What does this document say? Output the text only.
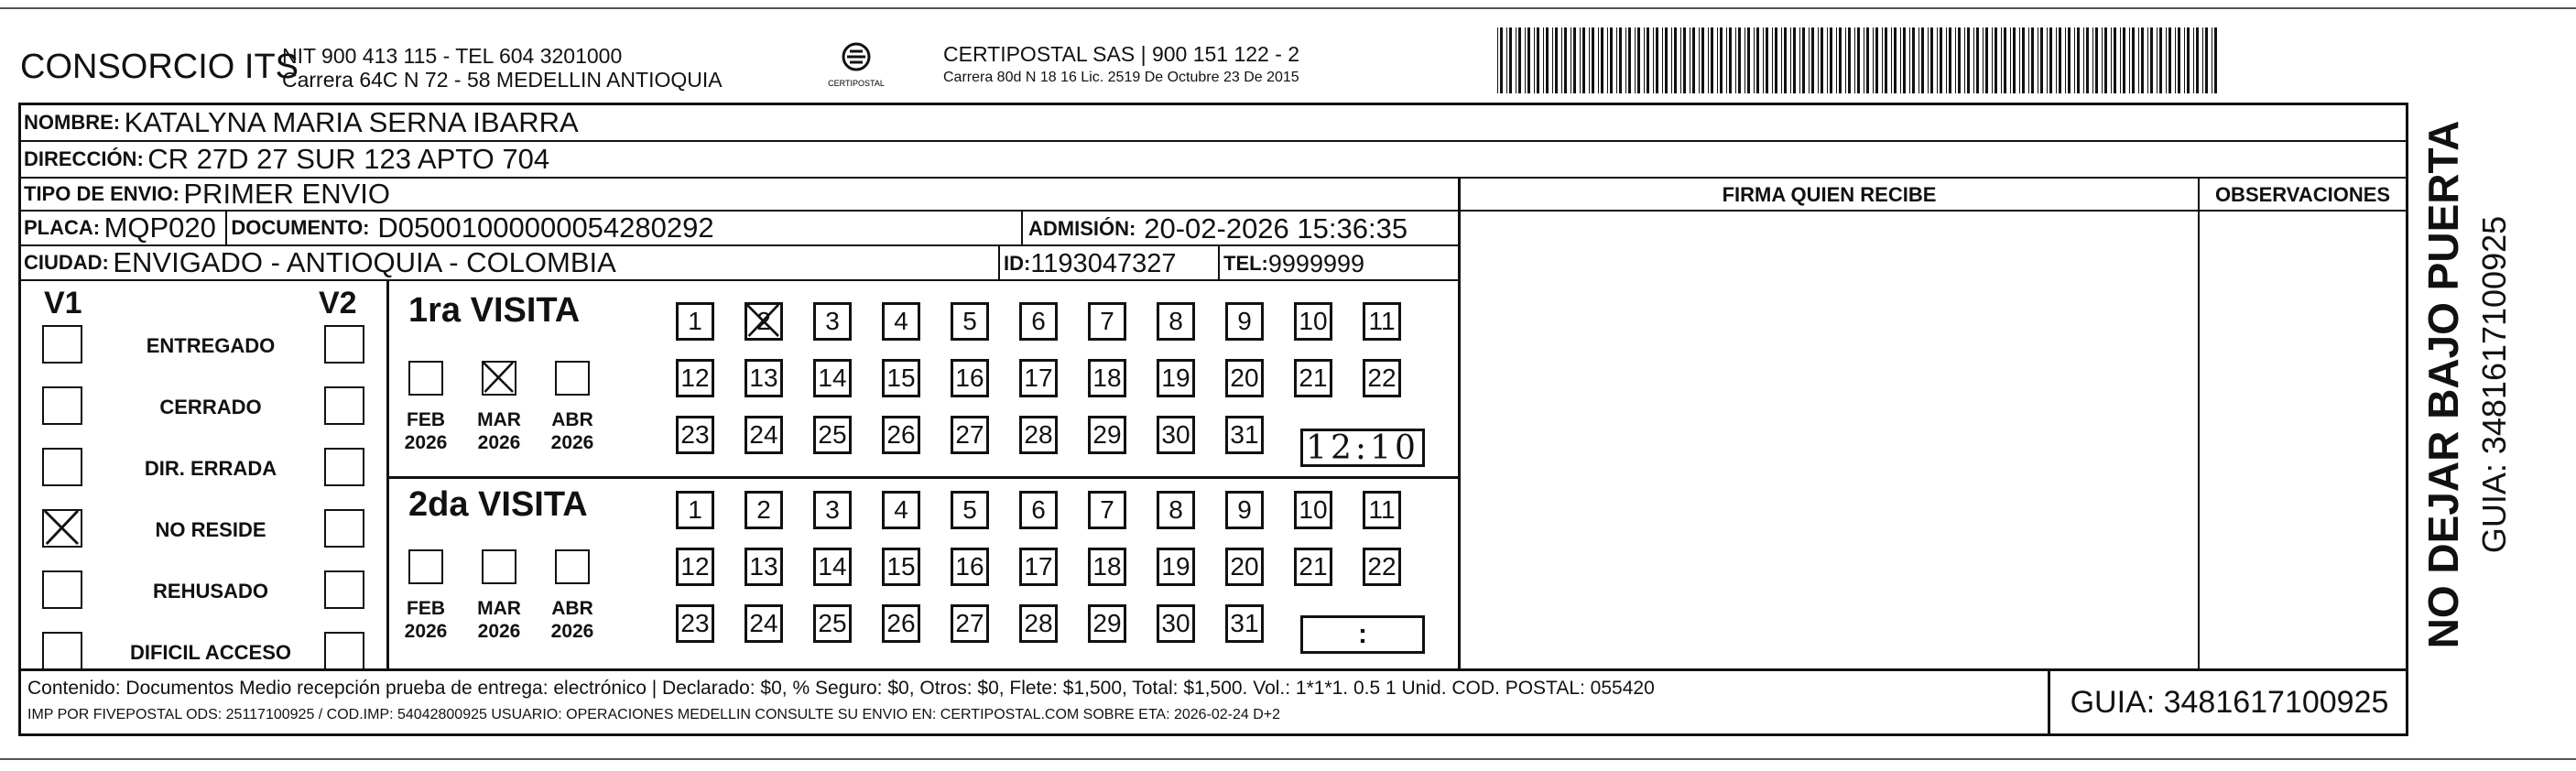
CONSORCIO ITS
NIT 900 413 115 - TEL 604 3201000
Carrera 64C N 72 - 58 MEDELLIN ANTIOQUIA	CERTIPOSTAL
CERTIPOSTAL SAS | 900 151 122 - 2
Carrera 80d N 18 16 Lic. 2519 De Octubre 23 De 2015
NOMBRE:
KATALYNA MARIA SERNA IBARRA
DIRECCIÓN:
CR 27D 27 SUR 123 APTO 704
TIPO DE ENVIO:
PRIMER ENVIO
PLACA:
MQP020
DOCUMENTO:
D05001000000054280292	ADMISIÓN:
20-02-2026 15:36:35
CIUDAD:
ENVIGADO - ANTIOQUIA - COLOMBIA	ID: 1193047327 TEL: 9999999
FIRMA QUIEN RECIBE	OBSERVACIONES
V1	V2
ENTREGADO
CERRADO
DIR. ERRADA
NO RESIDE
REHUSADO
DIFICIL ACCESO
1ra VISITA
2da VISITA
FEB
2026
MAR
2026
ABR
2026
1 2 3 4 5 6 7 8 9 10 11
12 13 14 15 16 17 18 19 20 21 22
23 24 25 26 27 28 29 30 31
FEB
2026
MAR
2026
ABR
2026
1 2 3 4 5 6 7 8 9 10 11
12 13 14 15 16 17 18 19 20 21 22
23 24 25 26 27 28 29 30 31
12:10
:
Contenido: Documentos Medio recepción prueba de entrega: electrónico | Declarado: $0, % Seguro: $0, Otros: $0, Flete: $1,500, Total: $1,500. Vol.: 1*1*1. 0.5 1 Unid. COD. POSTAL: 055420
IMP POR FIVEPOSTAL ODS: 25117100925 / COD.IMP: 54042800925 USUARIO: OPERACIONES MEDELLIN CONSULTE SU ENVIO EN: CERTIPOSTAL.COM SOBRE ETA: 2026-02-24 D+2	GUIA: 3481617100925
NO DEJAR BAJO PUERTA GUIA: 3481617100925
